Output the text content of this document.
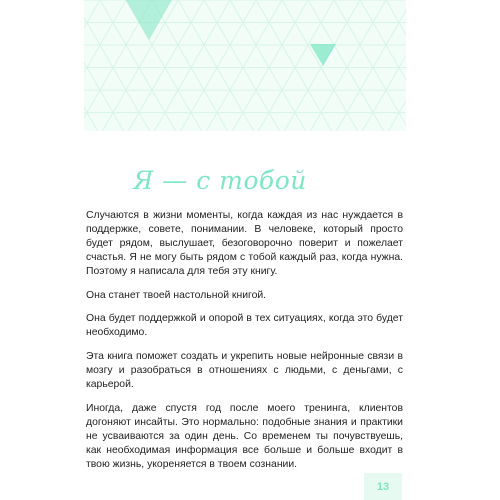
Я — с тобой

Случаются в жизни моменты, когда каждая из нас нуждается в поддержке, совете, понимании. В человеке, который просто будет рядом, выслушает, безоговорочно поверит и пожелает счастья. Я не могу быть рядом с тобой каждый раз, когда нужна. Поэтому я написала для тебя эту книгу.

Она станет твоей настольной книгой.

Она будет поддержкой и опорой в тех ситуациях, когда это будет необходимо.

Эта книга поможет создать и укрепить новые нейронные связи в мозгу и разобраться в отношениях с людьми, с деньгами, с карьерой.

Иногда, даже спустя год после моего тренинга, клиентов догоняют инсайты. Это нормально: подобные знания и практики не усваиваются за один день. Со временем ты почувствуешь, как необходимая информация все больше и больше входит в твою жизнь, укореняется в твоем сознании.

13
